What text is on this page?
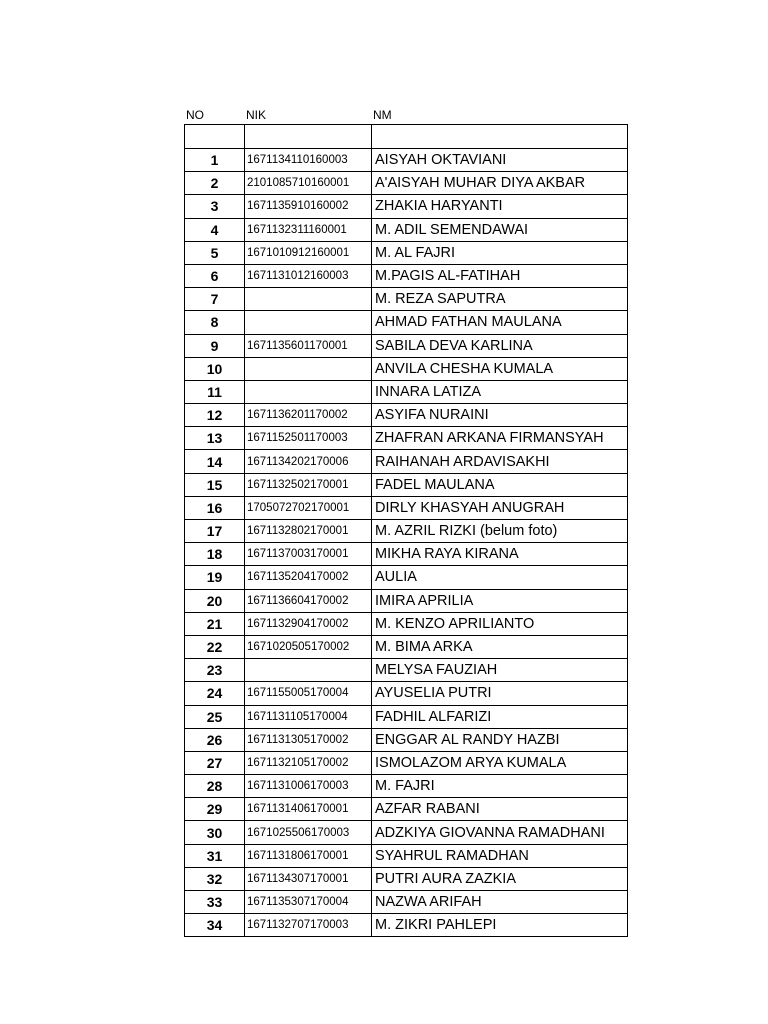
NO	NIK	NM

1	1671134110160003	AISYAH OKTAVIANI
2	2101085710160001	A'AISYAH MUHAR DIYA AKBAR
3	1671135910160002	ZHAKIA HARYANTI
4	1671132311160001	M. ADIL SEMENDAWAI
5	1671010912160001	M. AL FAJRI
6	1671131012160003	M.PAGIS AL-FATIHAH
7		M. REZA SAPUTRA
8		AHMAD FATHAN MAULANA
9	1671135601170001	SABILA DEVA KARLINA
10		ANVILA CHESHA KUMALA
11		INNARA LATIZA
12	1671136201170002	ASYIFA NURAINI
13	1671152501170003	ZHAFRAN ARKANA FIRMANSYAH
14	1671134202170006	RAIHANAH ARDAVISAKHI
15	1671132502170001	FADEL MAULANA
16	1705072702170001	DIRLY KHASYAH ANUGRAH
17	1671132802170001	M. AZRIL RIZKI (belum foto)
18	1671137003170001	MIKHA RAYA KIRANA
19	1671135204170002	AULIA
20	1671136604170002	IMIRA APRILIA
21	1671132904170002	M. KENZO APRILIANTO
22	1671020505170002	M. BIMA ARKA
23		MELYSA FAUZIAH
24	1671155005170004	AYUSELIA PUTRI
25	1671131105170004	FADHIL ALFARIZI
26	1671131305170002	ENGGAR AL RANDY HAZBI
27	1671132105170002	ISMOLAZOM ARYA KUMALA
28	1671131006170003	M. FAJRI
29	1671131406170001	AZFAR RABANI
30	1671025506170003	ADZKIYA GIOVANNA RAMADHANI
31	1671131806170001	SYAHRUL RAMADHAN
32	1671134307170001	PUTRI AURA ZAZKIA
33	1671135307170004	NAZWA ARIFAH
34	1671132707170003	M. ZIKRI PAHLEPI
